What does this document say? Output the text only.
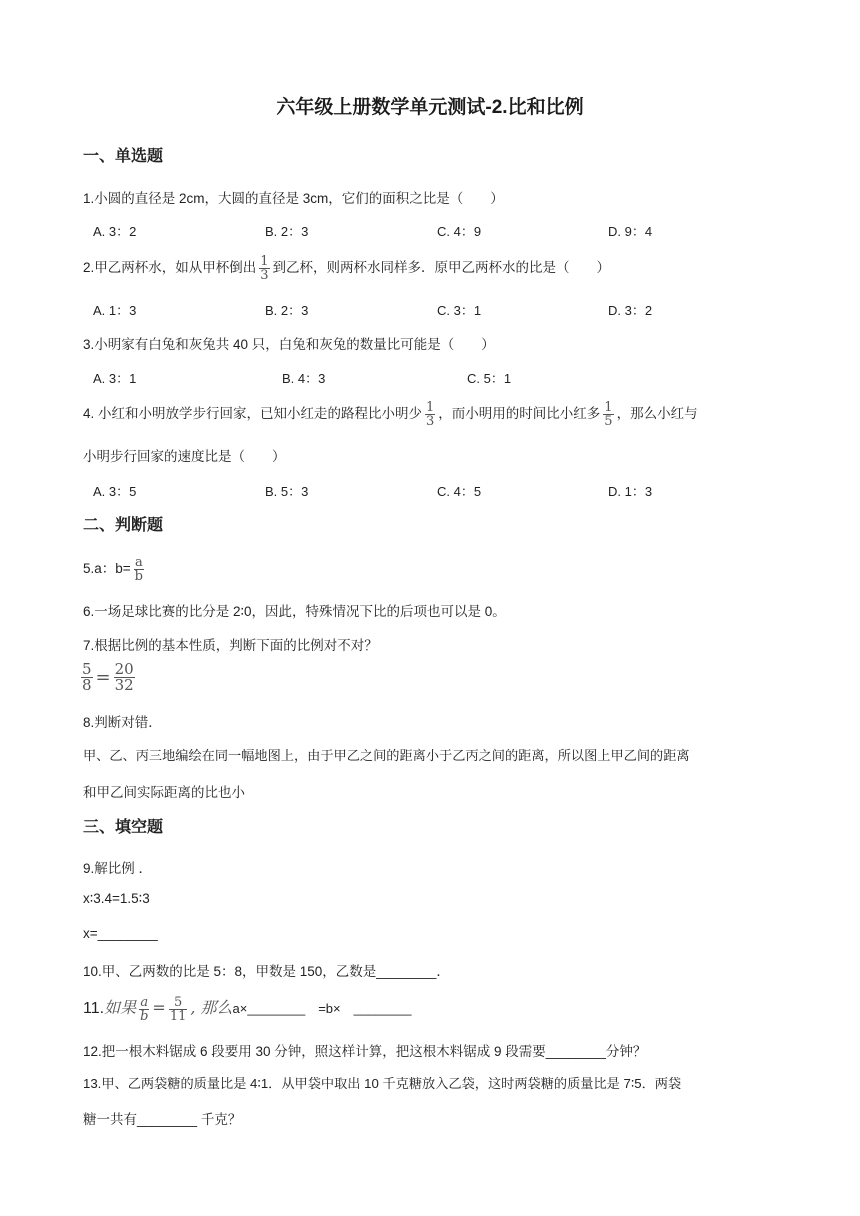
六年级上册数学单元测试-2.比和比例
一、单选题
1.小圆的直径是 2cm，大圆的直径是 3cm，它们的面积之比是（　　）
A. 3：2	B. 2：3	C. 4：9	D. 9：4
2.甲乙两杯水，如从甲杯倒出 $\frac{1}{3}$ 到乙杯，则两杯水同样多．原甲乙两杯水的比是（　　）
A. 1：3	B. 2：3	C. 3：1	D. 3：2
3.小明家有白兔和灰兔共 40 只，白兔和灰兔的数量比可能是（　　）
A. 3：1	B. 4：3	C. 5：1
4. 小红和小明放学步行回家，已知小红走的路程比小明少 $\frac{1}{3}$ ，而小明用的时间比小红多 $\frac{1}{5}$ ，那么小红与
小明步行回家的速度比是（　　）
A. 3：5	B. 5：3	C. 4：5	D. 1：3
二、判断题
5.a：$b= \frac{a}{b}$
6.一场足球比赛的比分是 2∶0，因此，特殊情况下比的后项也可以是 0。
7.根据比例的基本性质，判断下面的比例对不对？
$\frac{5}{8} = \frac{20}{32}$
8.判断对错．
甲、乙、丙三地编绘在同一幅地图上，由于甲乙之间的距离小于乙丙之间的距离，所以图上甲乙间的距离
和甲乙间实际距离的比也小
三、填空题
9.解比例 ．
x∶3.4=1.5∶3
x=________
10.甲、乙两数的比是 5：8，甲数是 150，乙数是________．
11.如果 $\frac{a}{b} = \frac{5}{11}$ , 那么a×________　=b×　________
12.把一根木料锯成 6 段要用 30 分钟，照这样计算，把这根木料锯成 9 段需要________分钟？
13.甲、乙两袋糖的质量比是 4∶1．从甲袋中取出 10 千克糖放入乙袋，这时两袋糖的质量比是 7∶5．两袋
糖一共有________ 千克？
